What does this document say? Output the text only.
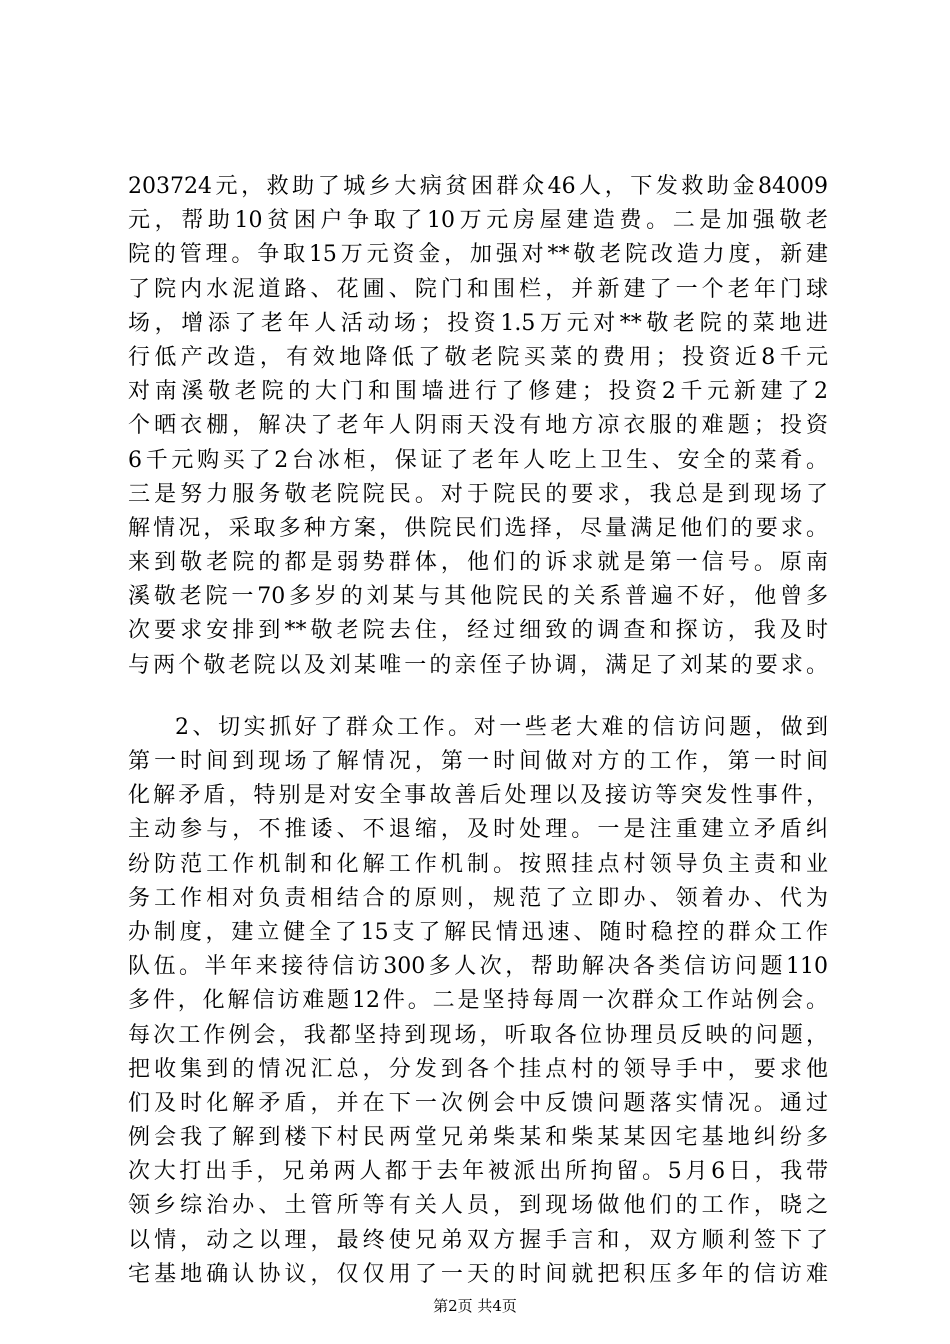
203724元，救助了城乡大病贫困群众46人，下发救助金84009
元，帮助10贫困户争取了10万元房屋建造费。二是加强敬老
院的管理。争取15万元资金，加强对**敬老院改造力度，新建
了院内水泥道路、花圃、院门和围栏，并新建了一个老年门球
场，增添了老年人活动场；投资1.5万元对**敬老院的菜地进
行低产改造，有效地降低了敬老院买菜的费用；投资近8千元
对南溪敬老院的大门和围墙进行了修建；投资2千元新建了2
个晒衣棚，解决了老年人阴雨天没有地方凉衣服的难题；投资
6千元购买了2台冰柜，保证了老年人吃上卫生、安全的菜肴。
三是努力服务敬老院院民。对于院民的要求，我总是到现场了
解情况，采取多种方案，供院民们选择，尽量满足他们的要求。
来到敬老院的都是弱势群体，他们的诉求就是第一信号。原南
溪敬老院一70多岁的刘某与其他院民的关系普遍不好，他曾多
次要求安排到**敬老院去住，经过细致的调查和探访，我及时
与两个敬老院以及刘某唯一的亲侄子协调，满足了刘某的要求。
2、切实抓好了群众工作。对一些老大难的信访问题，做到
第一时间到现场了解情况，第一时间做对方的工作，第一时间
化解矛盾，特别是对安全事故善后处理以及接访等突发性事件，
主动参与，不推诿、不退缩，及时处理。一是注重建立矛盾纠
纷防范工作机制和化解工作机制。按照挂点村领导负主责和业
务工作相对负责相结合的原则，规范了立即办、领着办、代为
办制度，建立健全了15支了解民情迅速、随时稳控的群众工作
队伍。半年来接待信访300多人次，帮助解决各类信访问题110
多件，化解信访难题12件。二是坚持每周一次群众工作站例会。
每次工作例会，我都坚持到现场，听取各位协理员反映的问题，
把收集到的情况汇总，分发到各个挂点村的领导手中，要求他
们及时化解矛盾，并在下一次例会中反馈问题落实情况。通过
例会我了解到楼下村民两堂兄弟柴某和柴某某因宅基地纠纷多
次大打出手，兄弟两人都于去年被派出所拘留。5月6日，我带
领乡综治办、土管所等有关人员，到现场做他们的工作，晓之
以情，动之以理，最终使兄弟双方握手言和，双方顺利签下了
宅基地确认协议，仅仅用了一天的时间就把积压多年的信访难
第2页 共4页
